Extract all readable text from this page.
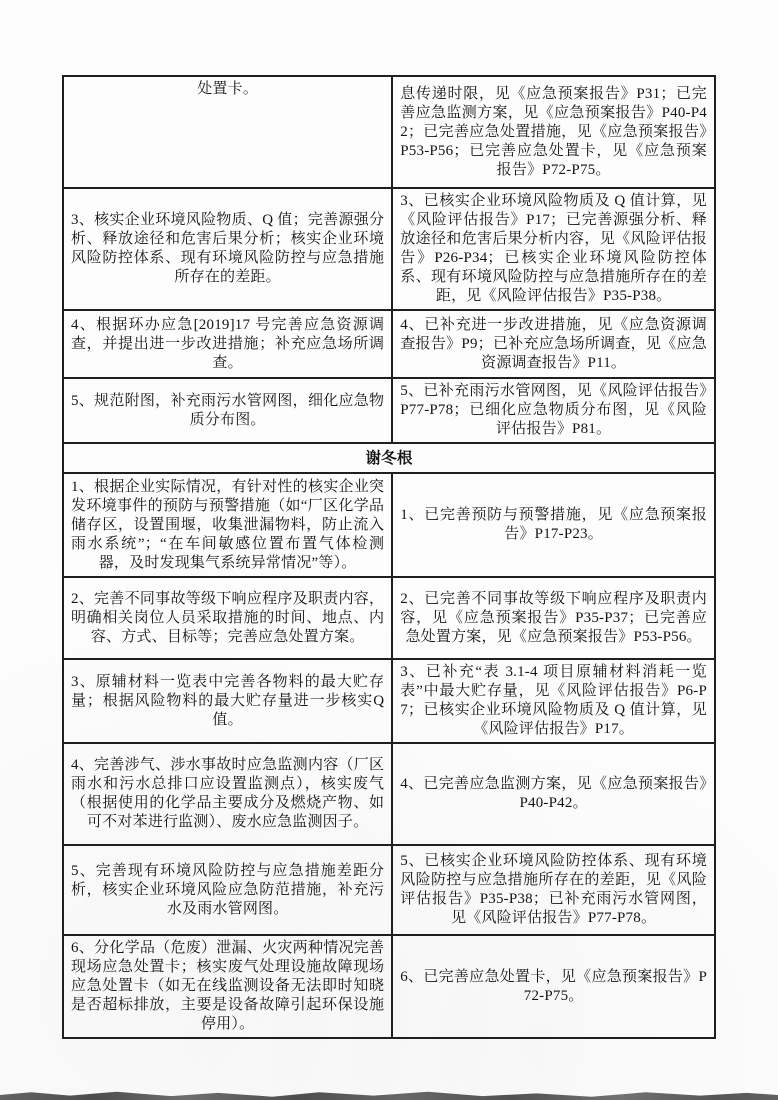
处置卡。	息传递时限，见《应急预案报告》P31；已完善应急监测方案，见《应急预案报告》P40-P42；已完善应急处置措施，见《应急预案报告》P53-P56；已完善应急处置卡，见《应急预案报告》P72-P75。
3、核实企业环境风险物质、Q 值；完善源强分析、释放途径和危害后果分析；核实企业环境风险防控体系、现有环境风险防控与应急措施所存在的差距。	3、已核实企业环境风险物质及 Q 值计算，见《风险评估报告》P17；已完善源强分析、释放途径和危害后果分析内容，见《风险评估报告》P26-P34；已核实企业环境风险防控体系、现有环境风险防控与应急措施所存在的差距，见《风险评估报告》P35-P38。
4、根据环办应急[2019]17 号完善应急资源调查，并提出进一步改进措施；补充应急场所调查。	4、已补充进一步改进措施，见《应急资源调查报告》P9；已补充应急场所调查，见《应急资源调查报告》P11。
5、规范附图，补充雨污水管网图，细化应急物质分布图。	5、已补充雨污水管网图，见《风险评估报告》P77-P78；已细化应急物质分布图，见《风险评估报告》P81。
谢冬根	
1、根据企业实际情况，有针对性的核实企业突发环境事件的预防与预警措施（如“厂区化学品储存区，设置围堰，收集泄漏物料，防止流入雨水系统”；“在车间敏感位置布置气体检测器，及时发现集气系统异常情况”等）。	1、已完善预防与预警措施，见《应急预案报告》P17-P23。
2、完善不同事故等级下响应程序及职责内容，明确相关岗位人员采取措施的时间、地点、内容、方式、目标等；完善应急处置方案。	2、已完善不同事故等级下响应程序及职责内容，见《应急预案报告》P35-P37；已完善应急处置方案，见《应急预案报告》P53-P56。
3、原辅材料一览表中完善各物料的最大贮存量；根据风险物料的最大贮存量进一步核实Q值。	3、已补充“表 3.1-4 项目原辅材料消耗一览表”中最大贮存量，见《风险评估报告》P6-P7；已核实企业环境风险物质及 Q 值计算，见《风险评估报告》P17。
4、完善涉气、涉水事故时应急监测内容（厂区雨水和污水总排口应设置监测点），核实废气（根据使用的化学品主要成分及燃烧产物、如可不对苯进行监测）、废水应急监测因子。	4、已完善应急监测方案，见《应急预案报告》P40-P42。
5、完善现有环境风险防控与应急措施差距分析，核实企业环境风险应急防范措施，补充污水及雨水管网图。	5、已核实企业环境风险防控体系、现有环境风险防控与应急措施所存在的差距，见《风险评估报告》P35-P38；已补充雨污水管网图，见《风险评估报告》P77-P78。
6、分化学品（危废）泄漏、火灾两种情况完善现场应急处置卡；核实废气处理设施故障现场应急处置卡（如无在线监测设备无法即时知晓是否超标排放，主要是设备故障引起环保设施停用）。	6、已完善应急处置卡，见《应急预案报告》P72-P75。
